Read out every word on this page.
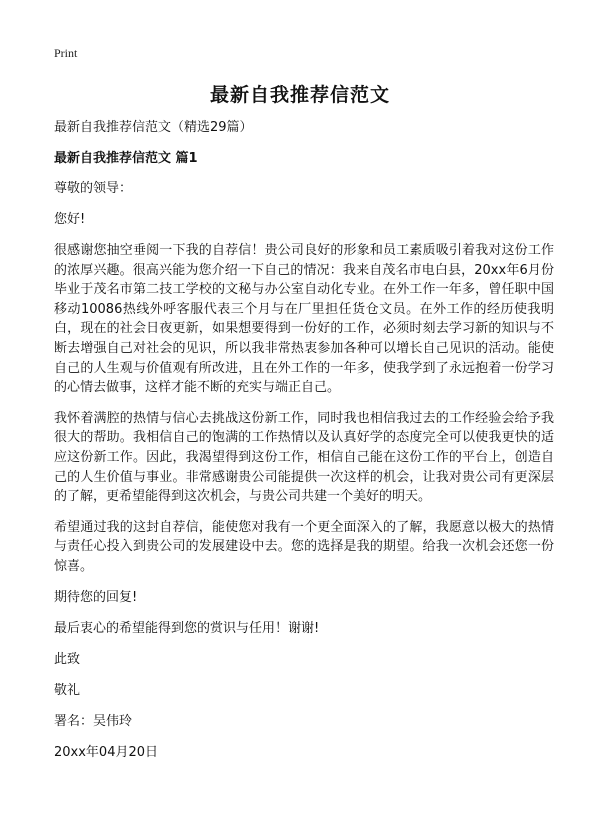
Print
最新自我推荐信范文

最新自我推荐信范文（精选29篇）

最新自我推荐信范文 篇1

尊敬的领导：

您好!

很感谢您抽空垂阅一下我的自荐信！贵公司良好的形象和员工素质吸引着我对这份工作的浓厚兴趣。很高兴能为您介绍一下自己的情况：我来自茂名市电白县，20xx年6月份毕业于茂名市第二技工学校的文秘与办公室自动化专业。在外工作一年多，曾任职中国移动10086热线外呼客服代表三个月与在厂里担任货仓文员。在外工作的经历使我明白，现在的社会日夜更新，如果想要得到一份好的工作，必须时刻去学习新的知识与不断去增强自己对社会的见识，所以我非常热衷参加各种可以增长自己见识的活动。能使自己的人生观与价值观有所改进，且在外工作的一年多，使我学到了永远抱着一份学习的心情去做事，这样才能不断的充实与端正自己。

我怀着满腔的热情与信心去挑战这份新工作，同时我也相信我过去的工作经验会给予我很大的帮助。我相信自己的饱满的工作热情以及认真好学的态度完全可以使我更快的适应这份新工作。因此，我渴望得到这份工作，相信自己能在这份工作的平台上，创造自己的人生价值与事业。非常感谢贵公司能提供一次这样的机会，让我对贵公司有更深层的了解，更希望能得到这次机会，与贵公司共建一个美好的明天。

希望通过我的这封自荐信，能使您对我有一个更全面深入的了解，我愿意以极大的热情与责任心投入到贵公司的发展建设中去。您的选择是我的期望。给我一次机会还您一份惊喜。

期待您的回复!

最后衷心的希望能得到您的赏识与任用！谢谢!

此致

敬礼

署名：吴伟玲

20xx年04月20日
